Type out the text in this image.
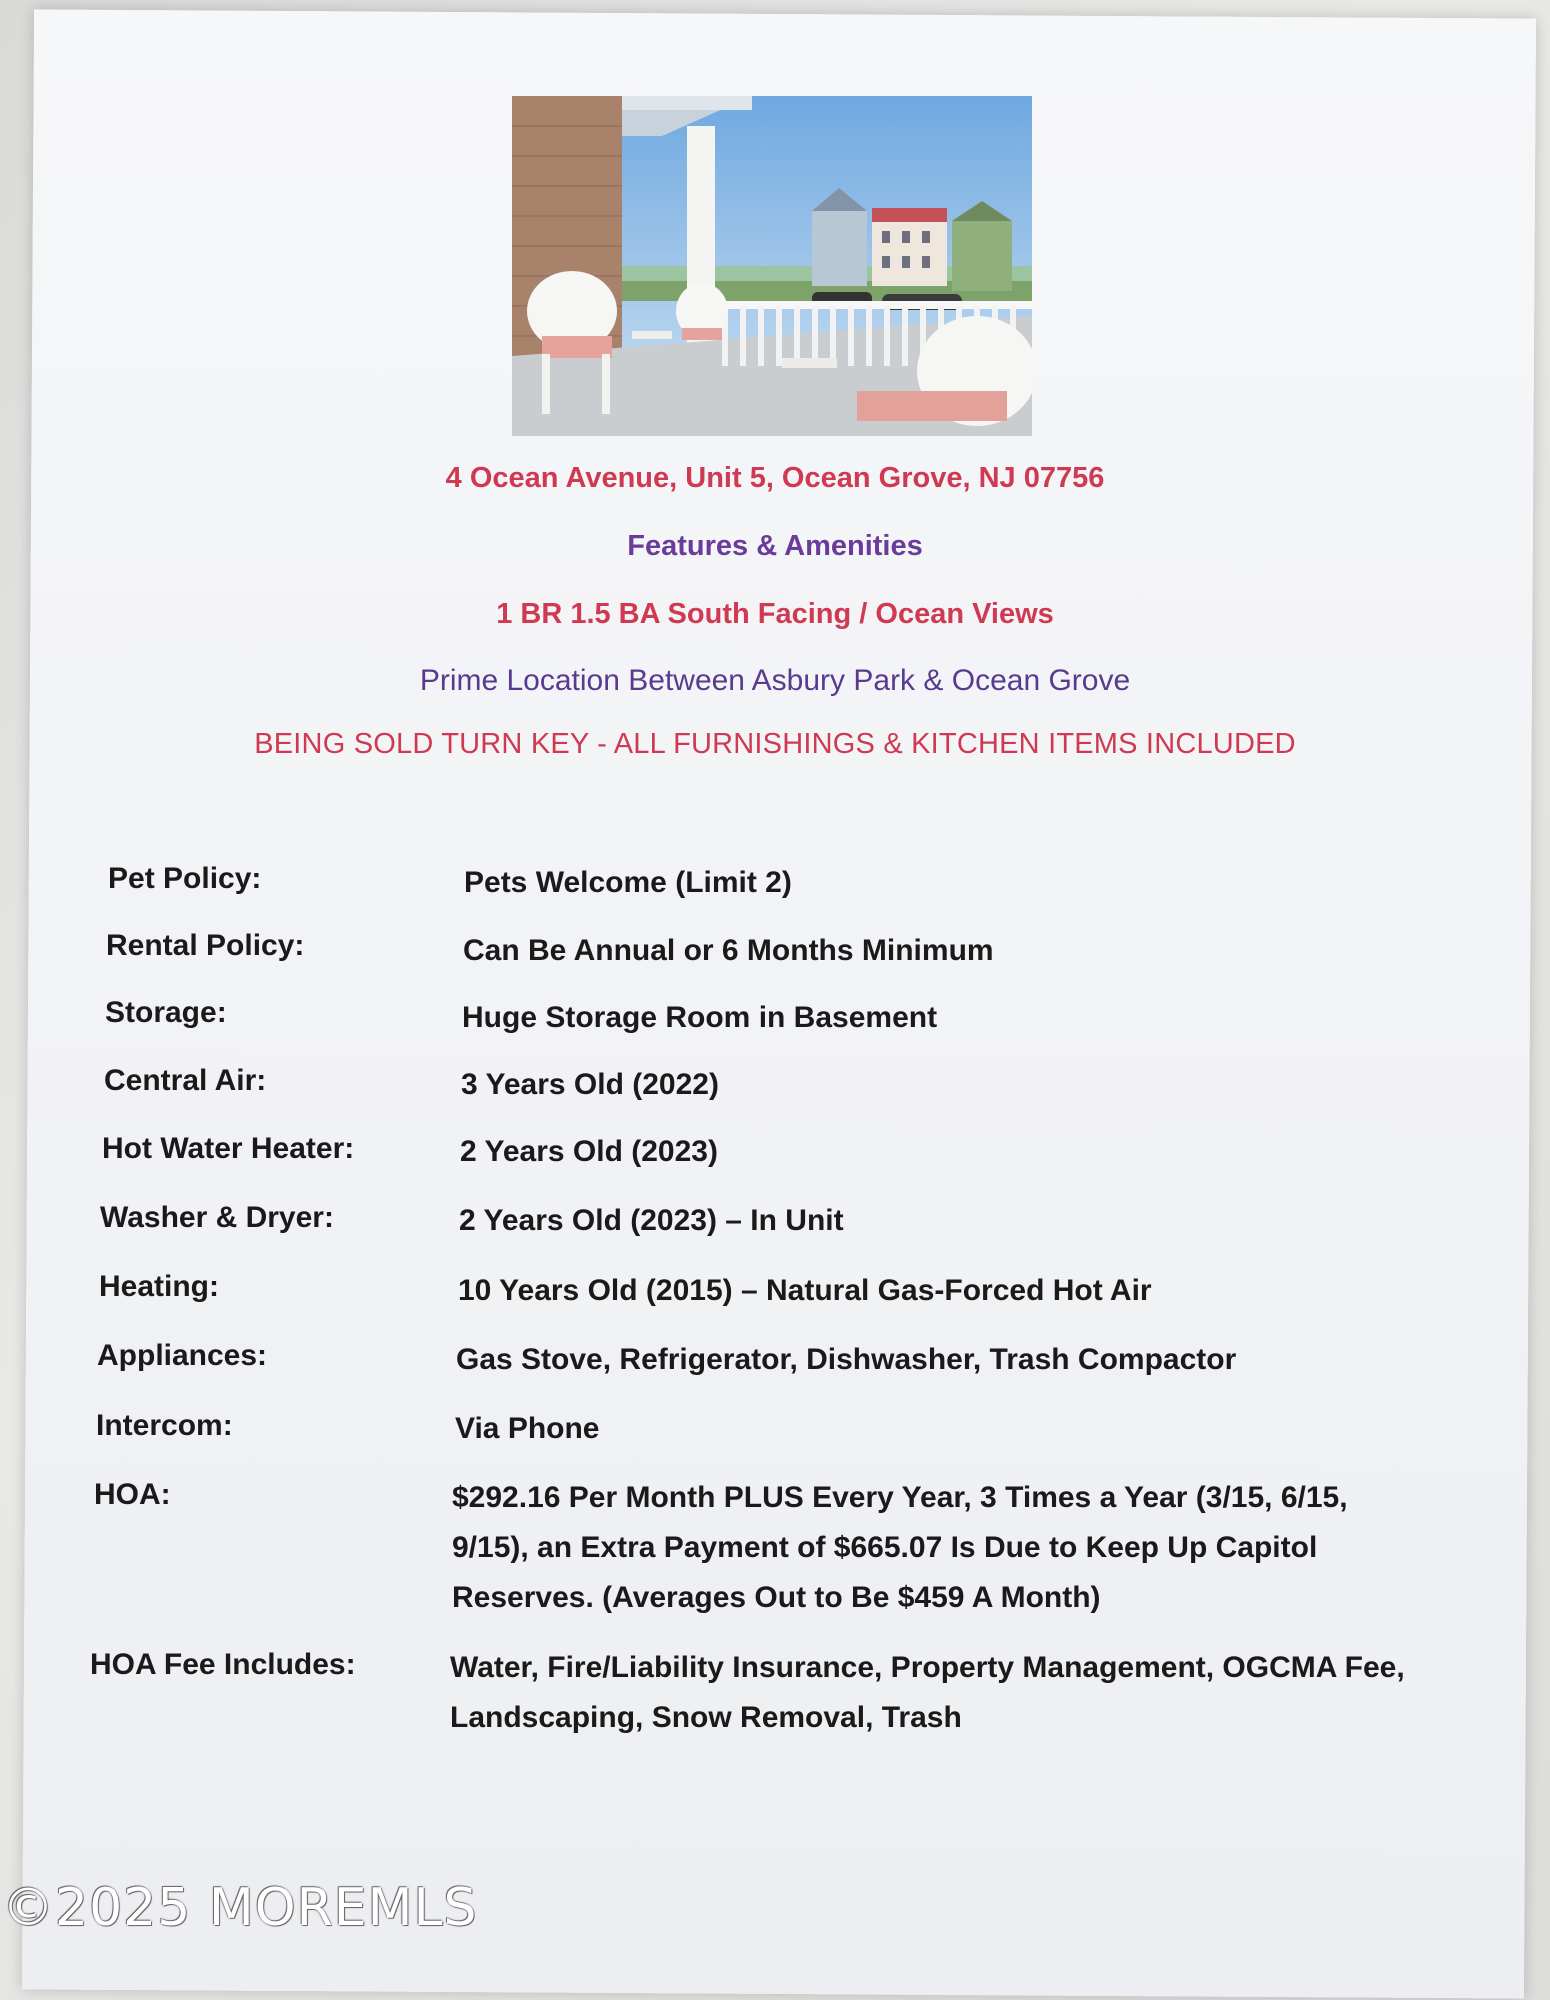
4 Ocean Avenue, Unit 5, Ocean Grove, NJ 07756
Features & Amenities
1 BR 1.5 BA South Facing / Ocean Views
Prime Location Between Asbury Park & Ocean Grove
BEING SOLD TURN KEY - ALL FURNISHINGS & KITCHEN ITEMS INCLUDED
Pet Policy:	Pets Welcome (Limit 2)
Rental Policy:	Can Be Annual or 6 Months Minimum
Storage:	Huge Storage Room in Basement
Central Air:	3 Years Old (2022)
Hot Water Heater:	2 Years Old (2023)
Washer & Dryer:	2 Years Old (2023) – In Unit
Heating:	10 Years Old (2015) – Natural Gas-Forced Hot Air
Appliances:	Gas Stove, Refrigerator, Dishwasher, Trash Compactor
Intercom:	Via Phone
HOA:	$292.16 Per Month PLUS Every Year, 3 Times a Year (3/15, 6/15, 9/15), an Extra Payment of $665.07 Is Due to Keep Up Capitol Reserves. (Averages Out to Be $459 A Month)
HOA Fee Includes:	Water, Fire/Liability Insurance, Property Management, OGCMA Fee, Landscaping, Snow Removal, Trash
©2025 MOREMLS
